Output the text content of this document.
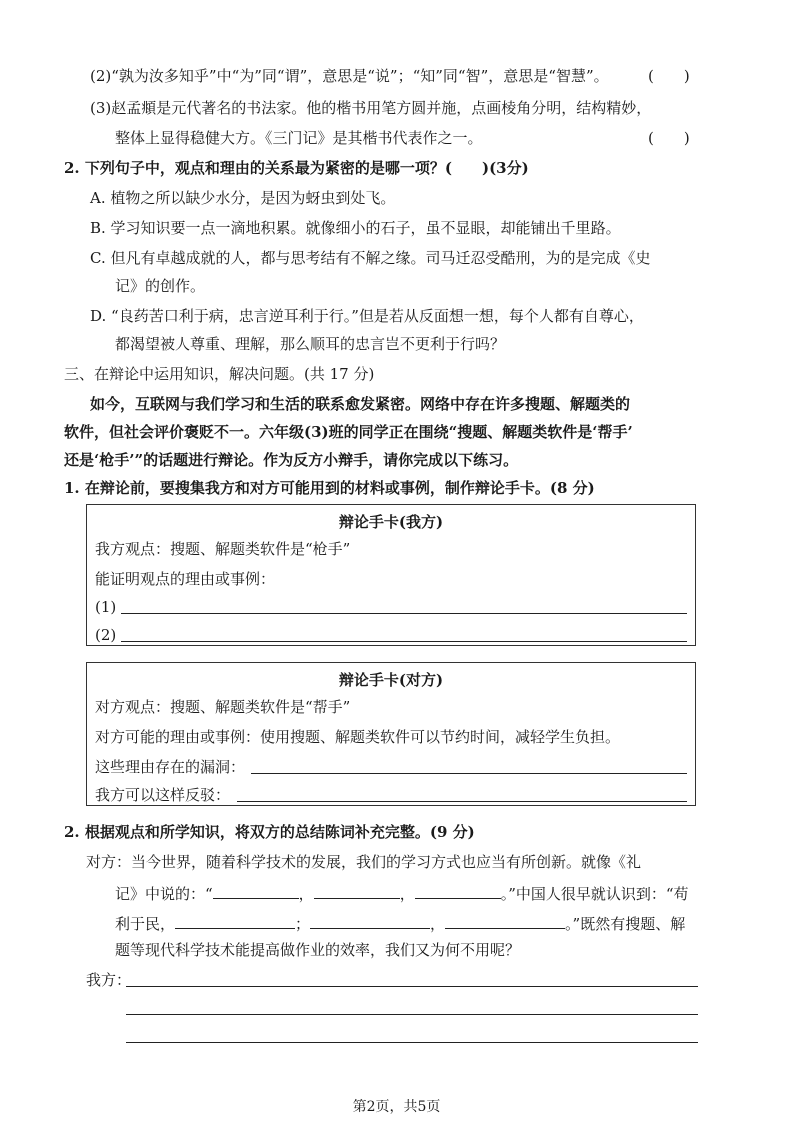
(2)“孰为汝多知乎”中“为”同“谓”，意思是“说”；“知”同“智”，意思是“智慧”。	(　　)
(3)赵孟頫是元代著名的书法家。他的楷书用笔方圆并施，点画棱角分明，结构精妙，
整体上显得稳健大方。《三门记》是其楷书代表作之一。	(　　)
2. 下列句子中，观点和理由的关系最为紧密的是哪一项？(　　)(3分)
A. 植物之所以缺少水分，是因为蚜虫到处飞。
B. 学习知识要一点一滴地积累。就像细小的石子，虽不显眼，却能铺出千里路。
C. 但凡有卓越成就的人，都与思考结有不解之缘。司马迁忍受酷刑，为的是完成《史
记》的创作。
D. “良药苦口利于病，忠言逆耳利于行。”但是若从反面想一想，每个人都有自尊心，
都渴望被人尊重、理解，那么顺耳的忠言岂不更利于行吗？
三、在辩论中运用知识，解决问题。(共 17 分)
如今，互联网与我们学习和生活的联系愈发紧密。网络中存在许多搜题、解题类的
软件，但社会评价褒贬不一。六年级(3)班的同学正在围绕“搜题、解题类软件是‘帮手’
还是‘枪手’”的话题进行辩论。作为反方小辩手，请你完成以下练习。
1. 在辩论前，要搜集我方和对方可能用到的材料或事例，制作辩论手卡。(8 分)
辩论手卡(我方)
我方观点：搜题、解题类软件是“枪手”
能证明观点的理由或事例：
(1)
(2)
辩论手卡(对方)
对方观点：搜题、解题类软件是“帮手”
对方可能的理由或事例：使用搜题、解题类软件可以节约时间，减轻学生负担。
这些理由存在的漏洞：
我方可以这样反驳：
2. 根据观点和所学知识，将双方的总结陈词补充完整。(9 分)
对方：当今世界，随着科学技术的发展，我们的学习方式也应当有所创新。就像《礼
记》中说的：“	，	，	。”中国人很早就认识到：“苟
利于民，	；	，	。”既然有搜题、解
题等现代科学技术能提高做作业的效率，我们又为何不用呢？
我方：
第2页，共5页
